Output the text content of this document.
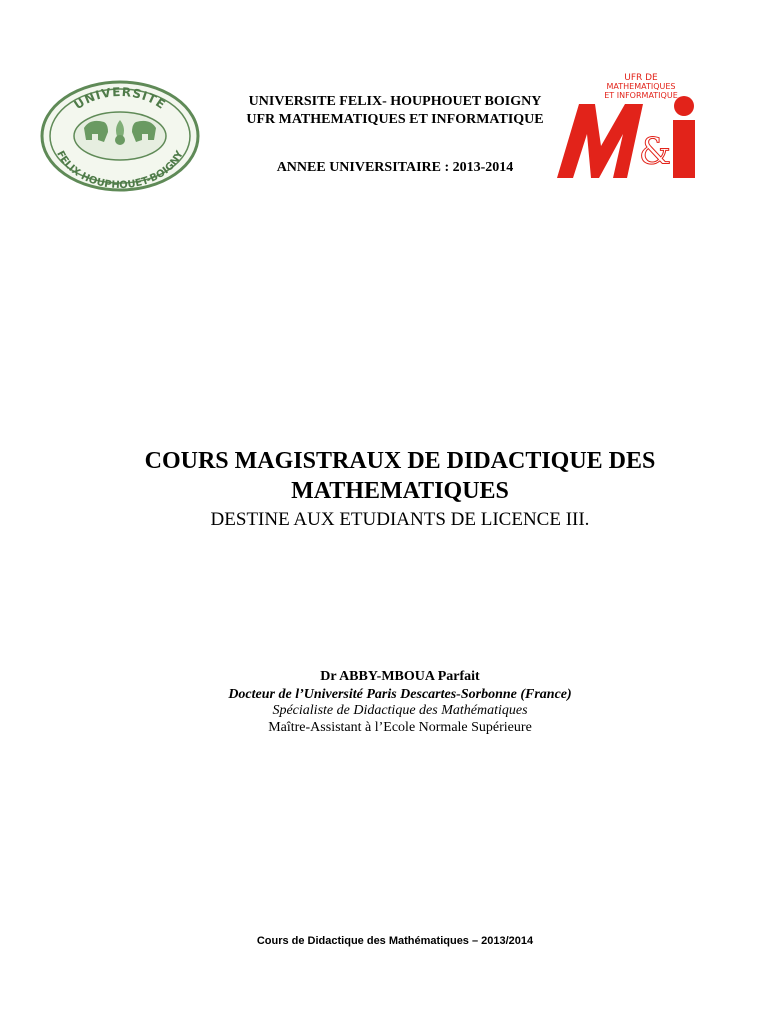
UNIVERSITE
FELIX HOUPHOUET-BOIGNY
UNIVERSITE FELIX- HOUPHOUET BOIGNY
UFR MATHEMATIQUES ET INFORMATIQUE
ANNEE UNIVERSITAIRE : 2013-2014
UFR DE
MATHEMATIQUES
ET INFORMATIQUE
&
COURS MAGISTRAUX DE DIDACTIQUE DES
MATHEMATIQUES
DESTINE AUX ETUDIANTS DE LICENCE III.
Dr ABBY-MBOUA Parfait
Docteur de l’Université Paris Descartes-Sorbonne (France)
Spécialiste de Didactique des Mathématiques
Maître-Assistant à l’Ecole Normale Supérieure
Cours de Didactique des Mathématiques – 2013/2014
